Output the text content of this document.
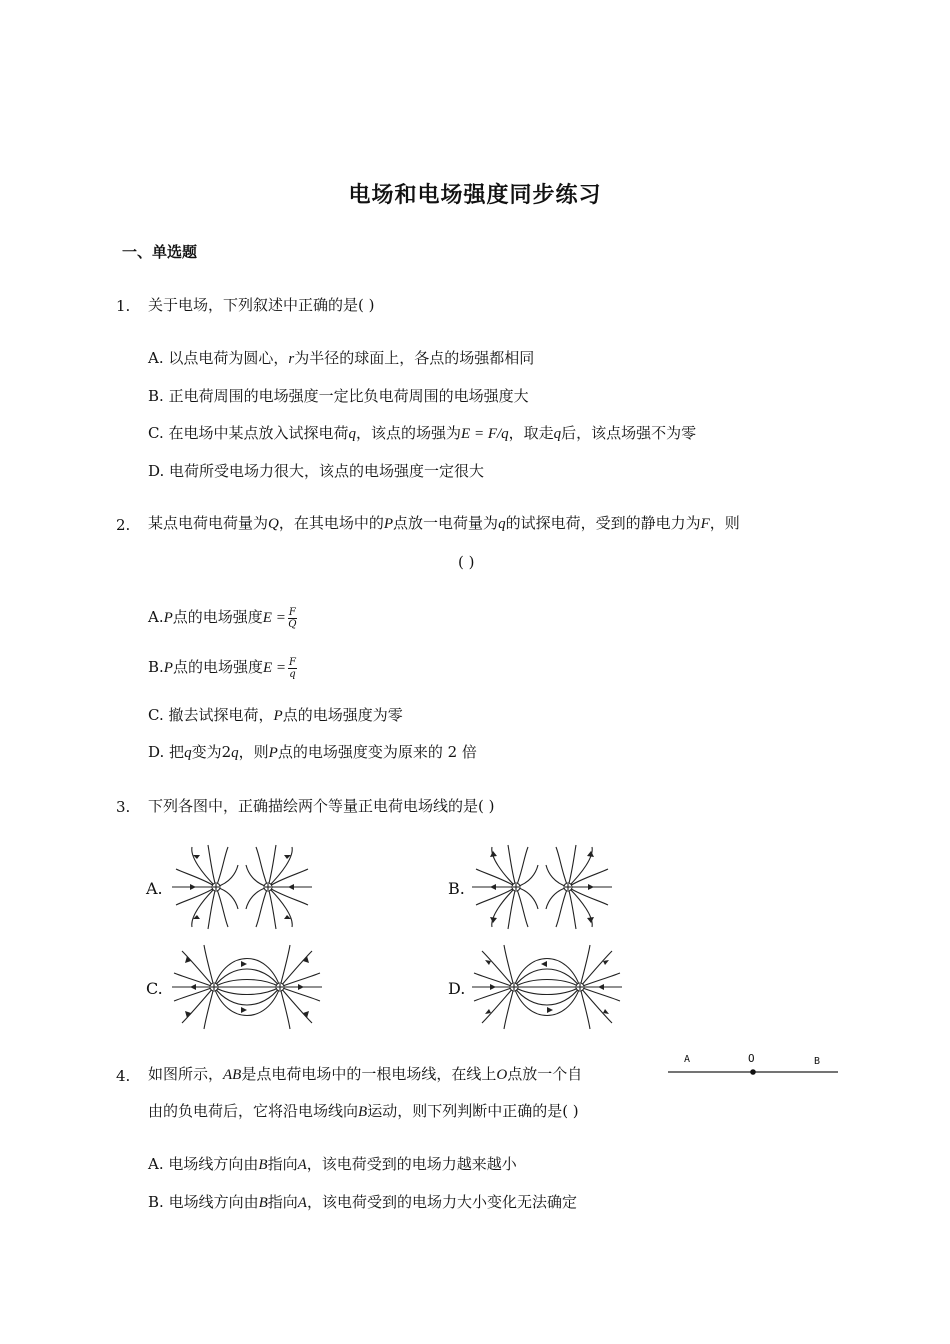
电场和电场强度同步练习
一、单选题
1. 关于电场，下列叙述中正确的是( )
A. 以点电荷为圆心，r为半径的球面上，各点的场强都相同
B. 正电荷周围的电场强度一定比负电荷周围的电场强度大
C. 在电场中某点放入试探电荷q，该点的场强为E = F/q，取走q后，该点场强不为零
D. 电荷所受电场力很大，该点的电场强度一定很大
2. 某点电荷电荷量为Q，在其电场中的P点放一电荷量为q的试探电荷，受到的静电力为F，则
( )
A.P点的电场强度$E = \frac{F}{Q}$
B.P点的电场强度$E = \frac{F}{q}$
C. 撤去试探电荷，P点的电场强度为零
D. 把q变为2q，则P点的电场强度变为原来的 2 倍
3. 下列各图中，正确描绘两个等量正电荷电场线的是( )
A.	B.
C.	D.
4. 如图所示，AB是点电荷电场中的一根电场线，在线上O点放一个自
由的负电荷后，它将沿电场线向B运动，则下列判断中正确的是( )
A	O	B
A. 电场线方向由B指向A，该电荷受到的电场力越来越小
B. 电场线方向由B指向A，该电荷受到的电场力大小变化无法确定
